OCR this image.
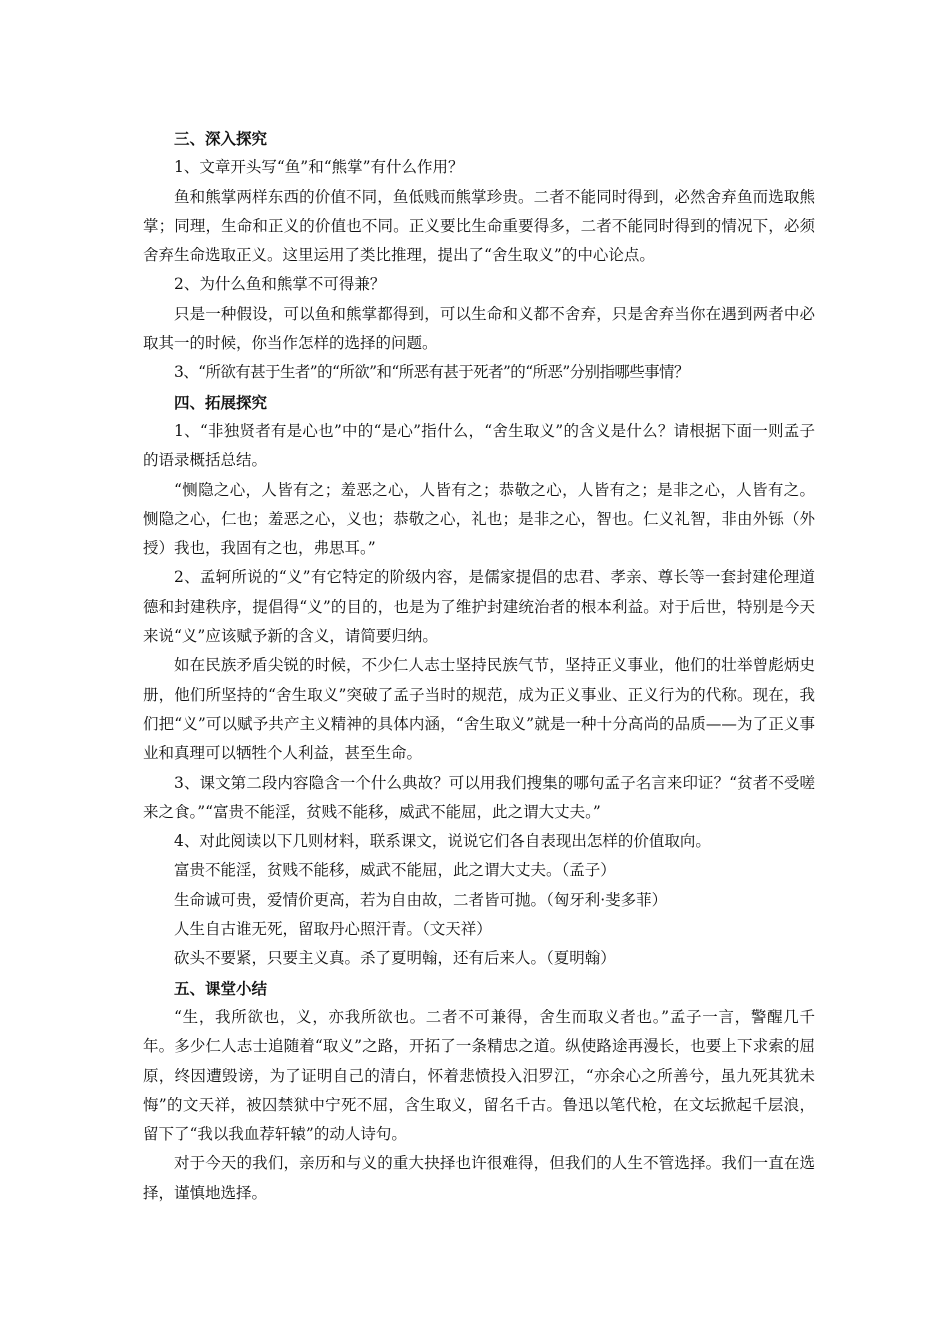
三、深入探究

1、文章开头写“鱼”和“熊掌”有什么作用？

鱼和熊掌两样东西的价值不同，鱼低贱而熊掌珍贵。二者不能同时得到，必然舍弃鱼而选取熊掌；同理，生命和正义的价值也不同。正义要比生命重要得多，二者不能同时得到的情况下，必须舍弃生命选取正义。这里运用了类比推理，提出了“舍生取义”的中心论点。

2、为什么鱼和熊掌不可得兼？

只是一种假设，可以鱼和熊掌都得到，可以生命和义都不舍弃，只是舍弃当你在遇到两者中必取其一的时候，你当作怎样的选择的问题。

3、“所欲有甚于生者”的“所欲”和“所恶有甚于死者”的“所恶”分别指哪些事情？

四、拓展探究

1、“非独贤者有是心也”中的“是心”指什么，“舍生取义”的含义是什么？请根据下面一则孟子的语录概括总结。

“恻隐之心，人皆有之；羞恶之心，人皆有之；恭敬之心，人皆有之；是非之心，人皆有之。恻隐之心，仁也；羞恶之心，义也；恭敬之心，礼也；是非之心，智也。仁义礼智，非由外铄（外授）我也，我固有之也，弗思耳。”

2、孟轲所说的“义”有它特定的阶级内容，是儒家提倡的忠君、孝亲、尊长等一套封建伦理道德和封建秩序，提倡得“义”的目的，也是为了维护封建统治者的根本利益。对于后世，特别是今天来说“义”应该赋予新的含义，请简要归纳。

如在民族矛盾尖锐的时候，不少仁人志士坚持民族气节，坚持正义事业，他们的壮举曾彪炳史册，他们所坚持的“舍生取义”突破了孟子当时的规范，成为正义事业、正义行为的代称。现在，我们把“义”可以赋予共产主义精神的具体内涵，“舍生取义”就是一种十分高尚的品质——为了正义事业和真理可以牺牲个人利益，甚至生命。

3、课文第二段内容隐含一个什么典故？可以用我们搜集的哪句孟子名言来印证？“贫者不受嗟来之食。”“富贵不能淫，贫贱不能移，威武不能屈，此之谓大丈夫。”

4、对此阅读以下几则材料，联系课文，说说它们各自表现出怎样的价值取向。

富贵不能淫，贫贱不能移，威武不能屈，此之谓大丈夫。（孟子）

生命诚可贵，爱情价更高，若为自由故，二者皆可抛。（匈牙利·斐多菲）

人生自古谁无死，留取丹心照汗青。（文天祥）

砍头不要紧，只要主义真。杀了夏明翰，还有后来人。（夏明翰）

五、课堂小结

“生，我所欲也，义，亦我所欲也。二者不可兼得，舍生而取义者也。”孟子一言，警醒几千年。多少仁人志士追随着“取义”之路，开拓了一条精忠之道。纵使路途再漫长，也要上下求索的屈原，终因遭毁谤，为了证明自己的清白，怀着悲愤投入汨罗江，“亦余心之所善兮，虽九死其犹未悔”的文天祥，被囚禁狱中宁死不屈，含生取义，留名千古。鲁迅以笔代枪，在文坛掀起千层浪，留下了“我以我血荐轩辕”的动人诗句。

对于今天的我们，亲历和与义的重大抉择也许很难得，但我们的人生不管选择。我们一直在选择，谨慎地选择。
